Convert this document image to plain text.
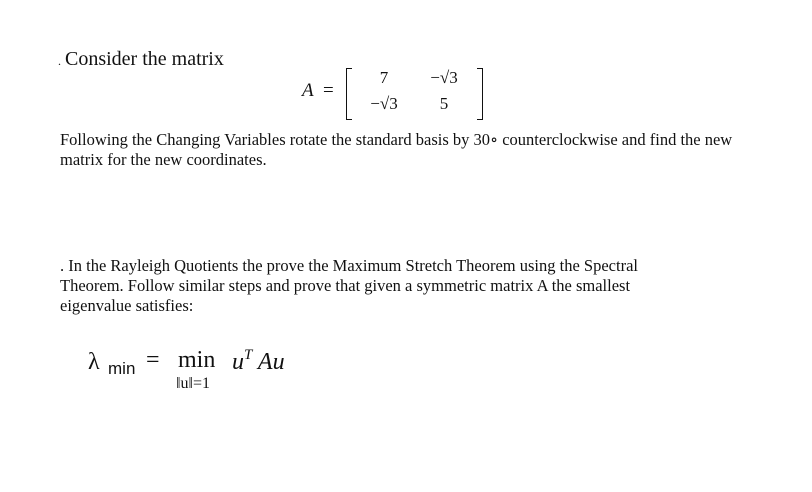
. Consider the matrix
A =
7	−√3
−√3	5
Following the Changing Variables rotate the standard basis by 30∘ counterclockwise and find the new matrix for the new coordinates.
. In the Rayleigh Quotients the prove the Maximum Stretch Theorem using the Spectral Theorem. Follow similar steps and prove that given a symmetric matrix A the smallest eigenvalue satisfies:
λ $\min = \min u^T$ Au
‖u‖=1
